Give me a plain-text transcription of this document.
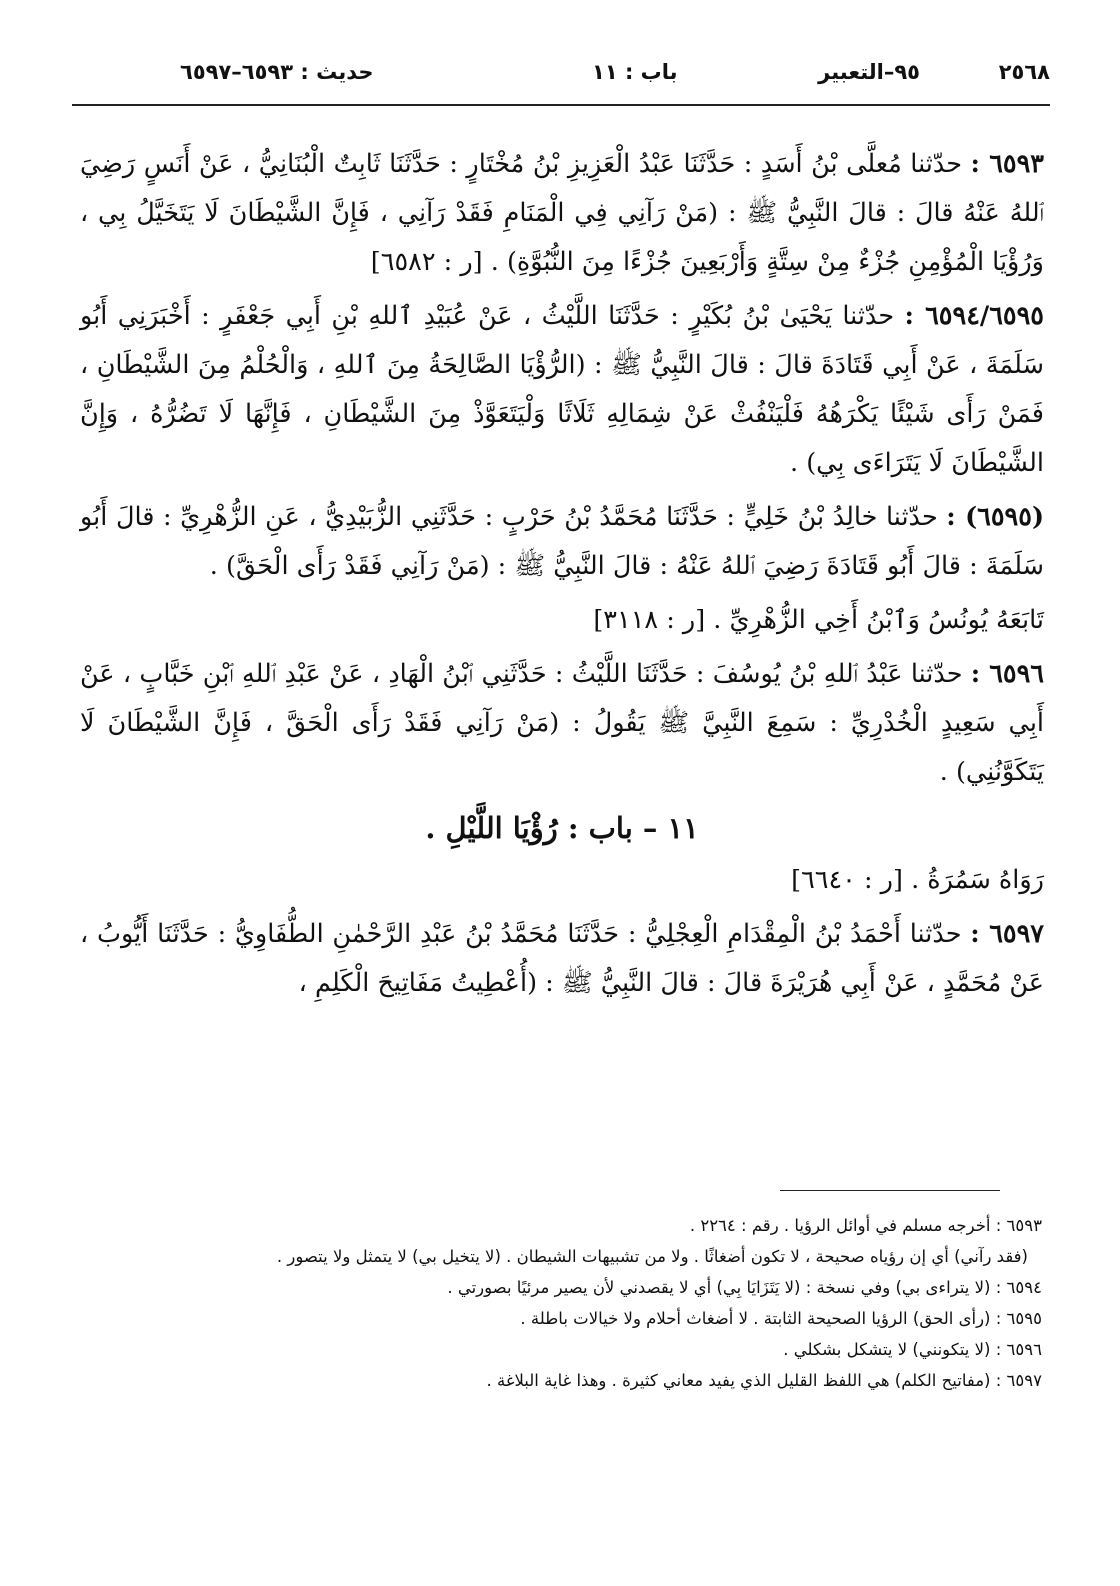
٢٥٦٨
٩٥–التعبير
باب : ١١
حديث : ٦٥٩٣–٦٥٩٧

٦٥٩٣ : حدّثنا مُعلَّى بْنُ أَسَدٍ : حَدَّثَنَا عَبْدُ الْعَزِيزِ بْنُ مُخْتَارٍ : حَدَّثَنَا ثَابِتٌ الْبُنَانِيُّ ، عَنْ أَنَسٍ رَضِيَ ٱللهُ عَنْهُ قالَ : قالَ النَّبِيُّ ﷺ : (مَنْ رَآنِي فِي الْمَنَامِ فَقَدْ رَآنِي ، فَإِنَّ الشَّيْطَانَ لَا يَتَخَيَّلُ بِي ، وَرُؤْيَا الْمُؤْمِنِ جُزْءٌ مِنْ سِتَّةٍ وَأَرْبَعِينَ جُزْءًا مِنَ النُّبُوَّةِ) . [ر : ٦٥٨٢]

٦٥٩٤/٦٥٩٥ : حدّثنا يَحْيَىٰ بْنُ بُكَيْرٍ : حَدَّثَنَا اللَّيْثُ ، عَنْ عُبَيْدِ ٱللهِ بْنِ أَبِي جَعْفَرٍ : أَخْبَرَنِي أَبُو سَلَمَةَ ، عَنْ أَبِي قَتَادَةَ قالَ : قالَ النَّبِيُّ ﷺ : (الرُّؤْيَا الصَّالِحَةُ مِنَ ٱللهِ ، وَالْحُلْمُ مِنَ الشَّيْطَانِ ، فَمَنْ رَأَى شَيْئًا يَكْرَهُهُ فَلْيَنْفُثْ عَنْ شِمَالِهِ ثَلَاثًا وَلْيَتَعَوَّذْ مِنَ الشَّيْطَانِ ، فَإِنَّهَا لَا تَضُرُّهُ ، وَإِنَّ الشَّيْطَانَ لَا يَتَرَاءَى بِي) .

(٦٥٩٥) : حدّثنا خالِدُ بْنُ خَلِيٍّ : حَدَّثَنَا مُحَمَّدُ بْنُ حَرْبٍ : حَدَّثَنِي الزُّبَيْدِيُّ ، عَنِ الزُّهْرِيِّ : قالَ أَبُو سَلَمَةَ : قالَ أَبُو قَتَادَةَ رَضِيَ ٱللهُ عَنْهُ : قالَ النَّبِيُّ ﷺ : (مَنْ رَآنِي فَقَدْ رَأَى الْحَقَّ) .

تَابَعَهُ يُونُسُ وَٱبْنُ أَخِي الزُّهْرِيِّ . [ر : ٣١١٨]

٦٥٩٦ : حدّثنا عَبْدُ ٱللهِ بْنُ يُوسُفَ : حَدَّثَنَا اللَّيْثُ : حَدَّثَنِي ٱبْنُ الْهَادِ ، عَنْ عَبْدِ ٱللهِ ٱبْنِ خَبَّابٍ ، عَنْ أَبِي سَعِيدٍ الْخُدْرِيِّ : سَمِعَ النَّبِيَّ ﷺ يَقُولُ : (مَنْ رَآنِي فَقَدْ رَأَى الْحَقَّ ، فَإِنَّ الشَّيْطَانَ لَا يَتَكَوَّنُنِي) .

١١ – باب : رُؤْيَا اللَّيْلِ .

رَوَاهُ سَمُرَةُ . [ر : ٦٦٤٠]

٦٥٩٧ : حدّثنا أَحْمَدُ بْنُ الْمِقْدَامِ الْعِجْلِيُّ : حَدَّثَنَا مُحَمَّدُ بْنُ عَبْدِ الرَّحْمٰنِ الطُّفَاوِيُّ : حَدَّثَنَا أَيُّوبُ ، عَنْ مُحَمَّدٍ ، عَنْ أَبِي هُرَيْرَةَ قالَ : قالَ النَّبِيُّ ﷺ : (أُعْطِيتُ مَفَاتِيحَ الْكَلِمِ ،

٦٥٩٣ : أخرجه مسلم في أوائل الرؤيا . رقم : ٢٢٦٤ .

(فقد رآني) أي إن رؤياه صحيحة ، لا تكون أضغاثًا . ولا من تشبيهات الشيطان . (لا يتخيل بي) لا يتمثل ولا يتصور .

٦٥٩٤ : (لا يتراءى بي) وفي نسخة : (لا يَتَزَايَا بِي) أي لا يقصدني لأن يصير مرئيًا بصورتي .

٦٥٩٥ : (رأى الحق) الرؤيا الصحيحة الثابتة . لا أضغاث أحلام ولا خيالات باطلة .

٦٥٩٦ : (لا يتكونني) لا يتشكل بشكلي .

٦٥٩٧ : (مفاتيح الكلم) هي اللفظ القليل الذي يفيد معاني كثيرة . وهذا غاية البلاغة .
